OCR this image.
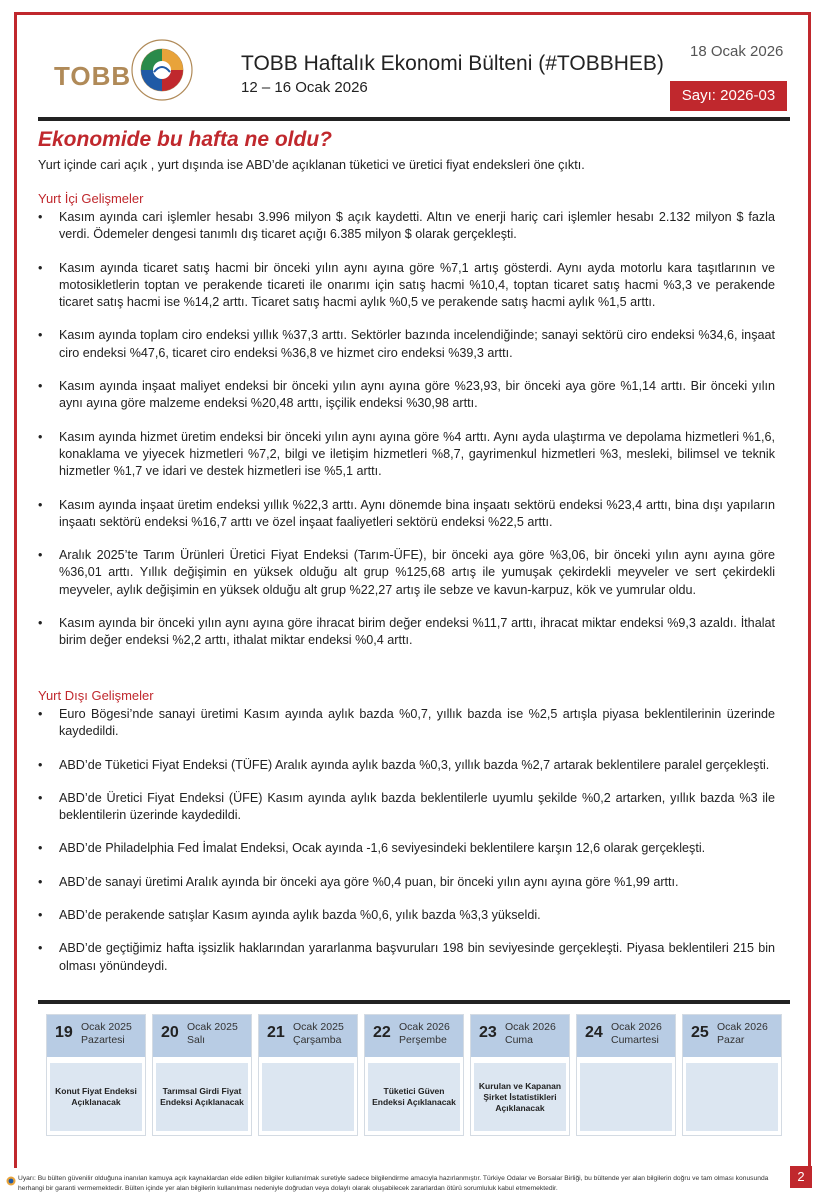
TOBB	TOBB Haftalık Ekonomi Bülteni (#TOBBHEB)
12 – 16 Ocak 2026
18 Ocak 2026
Sayı: 2026-03
Ekonomide bu hafta ne oldu?
Yurt içinde cari açık , yurt dışında ise ABD’de açıklanan tüketici ve üretici fiyat endeksleri öne çıktı.
Yurt İçi Gelişmeler
• Kasım ayında cari işlemler hesabı 3.996 milyon $ açık kaydetti. Altın ve enerji hariç cari işlemler hesabı 2.132 milyon $ fazla verdi. Ödemeler dengesi tanımlı dış ticaret açığı 6.385 milyon $ olarak gerçekleşti.
• Kasım ayında ticaret satış hacmi bir önceki yılın aynı ayına göre %7,1 artış gösterdi. Aynı ayda motorlu kara taşıtlarının ve motosikletlerin toptan ve perakende ticareti ile onarımı için satış hacmi %10,4, toptan ticaret satış hacmi %3,3 ve perakende ticaret satış hacmi ise %14,2 arttı. Ticaret satış hacmi aylık %0,5 ve perakende satış hacmi aylık %1,5 arttı.
• Kasım ayında toplam ciro endeksi yıllık %37,3 arttı. Sektörler bazında incelendiğinde; sanayi sektörü ciro endeksi %34,6, inşaat ciro endeksi %47,6, ticaret ciro endeksi %36,8 ve hizmet ciro endeksi %39,3 arttı.
• Kasım ayında inşaat maliyet endeksi bir önceki yılın aynı ayına göre %23,93, bir önceki aya göre %1,14 arttı. Bir önceki yılın aynı ayına göre malzeme endeksi %20,48 arttı, işçilik endeksi %30,98 arttı.
• Kasım ayında hizmet üretim endeksi bir önceki yılın aynı ayına göre %4 arttı. Aynı ayda ulaştırma ve depolama hizmetleri %1,6, konaklama ve yiyecek hizmetleri %7,2, bilgi ve iletişim hizmetleri %8,7, gayrimenkul hizmetleri %3, mesleki, bilimsel ve teknik hizmetler %1,7 ve idari ve destek hizmetleri ise %5,1 arttı.
• Kasım ayında inşaat üretim endeksi yıllık %22,3 arttı. Aynı dönemde bina inşaatı sektörü endeksi %23,4 arttı, bina dışı yapıların inşaatı sektörü endeksi %16,7 arttı ve özel inşaat faaliyetleri sektörü endeksi %22,5 arttı.
• Aralık 2025’te Tarım Ürünleri Üretici Fiyat Endeksi (Tarım-ÜFE), bir önceki aya göre %3,06, bir önceki yılın aynı ayına göre %36,01 arttı. Yıllık değişimin en yüksek olduğu alt grup %125,68 artış ile yumuşak çekirdekli meyveler ve sert çekirdekli meyveler, aylık değişimin en yüksek olduğu alt grup %22,27 artış ile sebze ve kavun-karpuz, kök ve yumrular oldu.
• Kasım ayında bir önceki yılın aynı ayına göre ihracat birim değer endeksi %11,7 arttı, ihracat miktar endeksi %9,3 azaldı. İthalat birim değer endeksi %2,2 arttı, ithalat miktar endeksi %0,4 arttı.
Yurt Dışı Gelişmeler
• Euro Bögesi’nde sanayi üretimi Kasım ayında aylık bazda %0,7, yıllık bazda ise %2,5 artışla piyasa beklentilerinin üzerinde kaydedildi.
• ABD’de Tüketici Fiyat Endeksi (TÜFE) Aralık ayında aylık bazda %0,3, yıllık bazda %2,7 artarak beklentilere paralel gerçekleşti.
• ABD’de Üretici Fiyat Endeksi (ÜFE) Kasım ayında aylık bazda beklentilerle uyumlu şekilde %0,2 artarken, yıllık bazda %3 ile beklentilerin üzerinde kaydedildi.
• ABD’de Philadelphia Fed İmalat Endeksi, Ocak ayında -1,6 seviyesindeki beklentilere karşın 12,6 olarak gerçekleşti.
• ABD’de sanayi üretimi Aralık ayında bir önceki aya göre %0,4 puan, bir önceki yılın aynı ayına göre %1,99 arttı.
• ABD’de perakende satışlar Kasım ayında aylık bazda %0,6, yılık bazda %3,3 yükseldi.
• ABD’de geçtiğimiz hafta işsizlik haklarından yararlanma başvuruları 198 bin seviyesinde gerçekleşti. Piyasa beklentileri 215 bin olması yönündeydi.
19 Ocak 2025
Pazartesi
Konut Fiyat Endeksi Açıklanacak
20 Ocak 2025
Salı
Tarımsal Girdi Fiyat Endeksi Açıklanacak
21 Ocak 2025
Çarşamba 22 Ocak 2026
Perşembe
Tüketici Güven Endeksi Açıklanacak
23 Ocak 2026
Cuma
Kurulan ve Kapanan Şirket İstatistikleri Açıklanacak
24 Ocak 2026
Cumartesi 25 Ocak 2026
Pazar
Uyarı: Bu bülten güvenilir olduğuna inanılan kamuya açık kaynaklardan elde edilen bilgiler kullanılmak suretiyle sadece bilgilendirme amacıyla hazırlanmıştır. Türkiye Odalar ve Borsalar Birliği, bu bültende yer alan bilgilerin doğru ve tam olması konusunda herhangi bir garanti vermemektedir. Bülten içinde yer alan bilgilerin kullanılması nedeniyle doğrudan veya dolaylı olarak oluşabilecek zararlardan ötürü sorumluluk kabul etmemektedir.
2
